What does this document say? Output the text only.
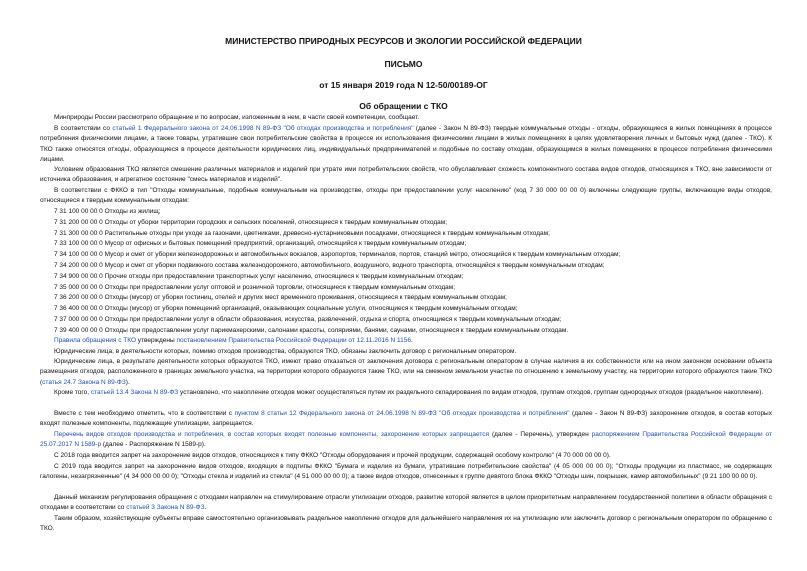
МИНИСТЕРСТВО ПРИРОДНЫХ РЕСУРСОВ И ЭКОЛОГИИ РОССИЙСКОЙ ФЕДЕРАЦИИ
ПИСЬМО
от 15 января 2019 года N 12-50/00189-ОГ
Об обращении с ТКО

Минприроды России рассмотрело обращение и по вопросам, изложенным в нем, в части своей компетенции, сообщает.

В соответствии со статьей 1 Федерального закона от 24.06.1998 N 89-ФЗ "Об отходах производства и потребления" (далее - Закон N 89-ФЗ) твердые коммунальные отходы - отходы, образующиеся в жилых помещениях в процессе потребления физическими лицами, а также товары, утратившие свои потребительские свойства в процессе их использования физическими лицами в жилых помещениях в целях удовлетворения личных и бытовых нужд (далее - ТКО). К ТКО также относятся отходы, образующиеся в процессе деятельности юридических лиц, индивидуальных предпринимателей и подобные по составу отходам, образующимся в жилых помещениях в процессе потребления физическими лицами.

Условием образования ТКО является смешение различных материалов и изделий при утрате ими потребительских свойств, что обуславливает схожесть компонентного состава видов отходов, относящихся к ТКО, вне зависимости от источника образования, и агрегатное состояние "смесь материалов и изделий".

В соответствии с ФККО в тип "Отходы коммунальные, подобные коммунальным на производстве, отходы при предоставлении услуг населению" (код 7 30 000 00 00 0) включены следующие группы, включающие виды отходов, относящиеся к твердым коммунальным отходам:

7 31 100 00 00 0 Отходы из жилищ;

7 31 200 00 00 0 Отходы от уборки территории городских и сельских поселений, относящиеся к твердым коммунальным отходам;

7 31 300 00 00 0 Растительные отходы при уходе за газонами, цветниками, древесно-кустарниковыми посадками, относящиеся к твердым коммунальным отходам;

7 33 100 00 00 0 Мусор от офисных и бытовых помещений предприятий, организаций, относящийся к твердым коммунальным отходам;

7 34 100 00 00 0 Мусор и смет от уборки железнодорожных и автомобильных вокзалов, аэропортов, терминалов, портов, станций метро, относящийся к твердым коммунальным отходам;

7 34 200 00 00 0 Мусор и смет от уборки подвижного состава железнодорожного, автомобильного, воздушного, водного транспорта, относящийся к твердым коммунальным отходам;

7 34 900 00 00 0 Прочие отходы при предоставлении транспортных услуг населению, относящиеся к твердым коммунальным отходам;

7 35 000 00 00 0 Отходы при предоставлении услуг оптовой и розничной торговли, относящиеся к твердым коммунальным отходам;

7 36 200 00 00 0 Отходы (мусор) от уборки гостиниц, отелей и других мест временного проживания, относящиеся к твердым коммунальным отходам;

7 36 400 00 00 0 Отходы (мусор) от уборки помещений организаций, оказывающих социальные услуги, относящиеся к твердым коммунальным отходам;

7 37 000 00 00 0 Отходы при предоставлении услуг в области образования, искусства, развлечений, отдыха и спорта, относящиеся к твердым коммунальным отходам;

7 39 400 00 00 0 Отходы при предоставлении услуг парикмахерскими, салонами красоты, соляриями, банями, саунами, относящиеся к твердым коммунальным отходам.

Правила обращения с ТКО утверждены постановлением Правительства Российской Федерации от 12.11.2016 N 1156.

Юридические лица, в деятельности которых, помимо отходов производства, образуются ТКО, обязаны заключить договор с региональным оператором.

Юридические лица, в результате деятельности которых образуются ТКО, имеют право отказаться от заключения договора с региональным оператором в случае наличия в их собственности или на ином законном основании объекта размещения отходов, расположенного в границах земельного участка, на территории которого образуются такие ТКО, или на смежном земельном участке по отношению к земельному участку, на территории которого образуются такие ТКО (статья 24.7 Закона N 89-ФЗ).

Кроме того, статьей 13.4 Закона N 89-ФЗ установлено, что накопление отходов может осуществляться путем их раздельного складирования по видам отходов, группам отходов, группам однородных отходов (раздельное накопление).

Вместе с тем необходимо отметить, что в соответствии с пунктом 8 статьи 12 Федерального закона от 24.06.1998 N 89-ФЗ "Об отходах производства и потребления" (далее - Закон N 89-ФЗ) захоронение отходов, в состав которых входят полезные компоненты, подлежащие утилизации, запрещается.

Перечень видов отходов производства и потребления, в состав которых входят полезные компоненты, захоронение которых запрещается (далее - Перечень), утвержден распоряжением Правительства Российской Федерации от 25.07.2017 N 1589-р (далее - Распоряжение N 1589-р).

С 2018 года вводится запрет на захоронение видов отходов, относящихся к типу ФККО "Отходы оборудования и прочей продукции, содержащей особому контролю" (4 70 000 00 00 0).

С 2019 года вводится запрет на захоронение видов отходов, входящих в подтипы ФККО "Бумага и изделия из бумаги, утратившие потребительские свойства" (4 05 000 00 00 0); "Отходы продукции из пластмасс, не содержащих галогены, незагрязненные" (4 34 000 00 00 0); "Отходы стекла и изделий из стекла" (4 51 000 00 00 0); а также видов отходов, отнесенных к группе девятого блока ФККО "Отходы шин, покрышек, камер автомобильных" (9 21 100 00 00 0).

Данный механизм регулирования обращения с отходами направлен на стимулирование отрасли утилизации отходов, развитие которой является в целом приоритетным направлением государственной политики в области обращения с отходами в соответствии со статьей 3 Закона N 89-ФЗ.

Таким образом, хозяйствующие субъекты вправе самостоятельно организовывать раздельное накопление отходов для дальнейшего направления их на утилизацию или заключить договор с региональным оператором по обращению с ТКО.
